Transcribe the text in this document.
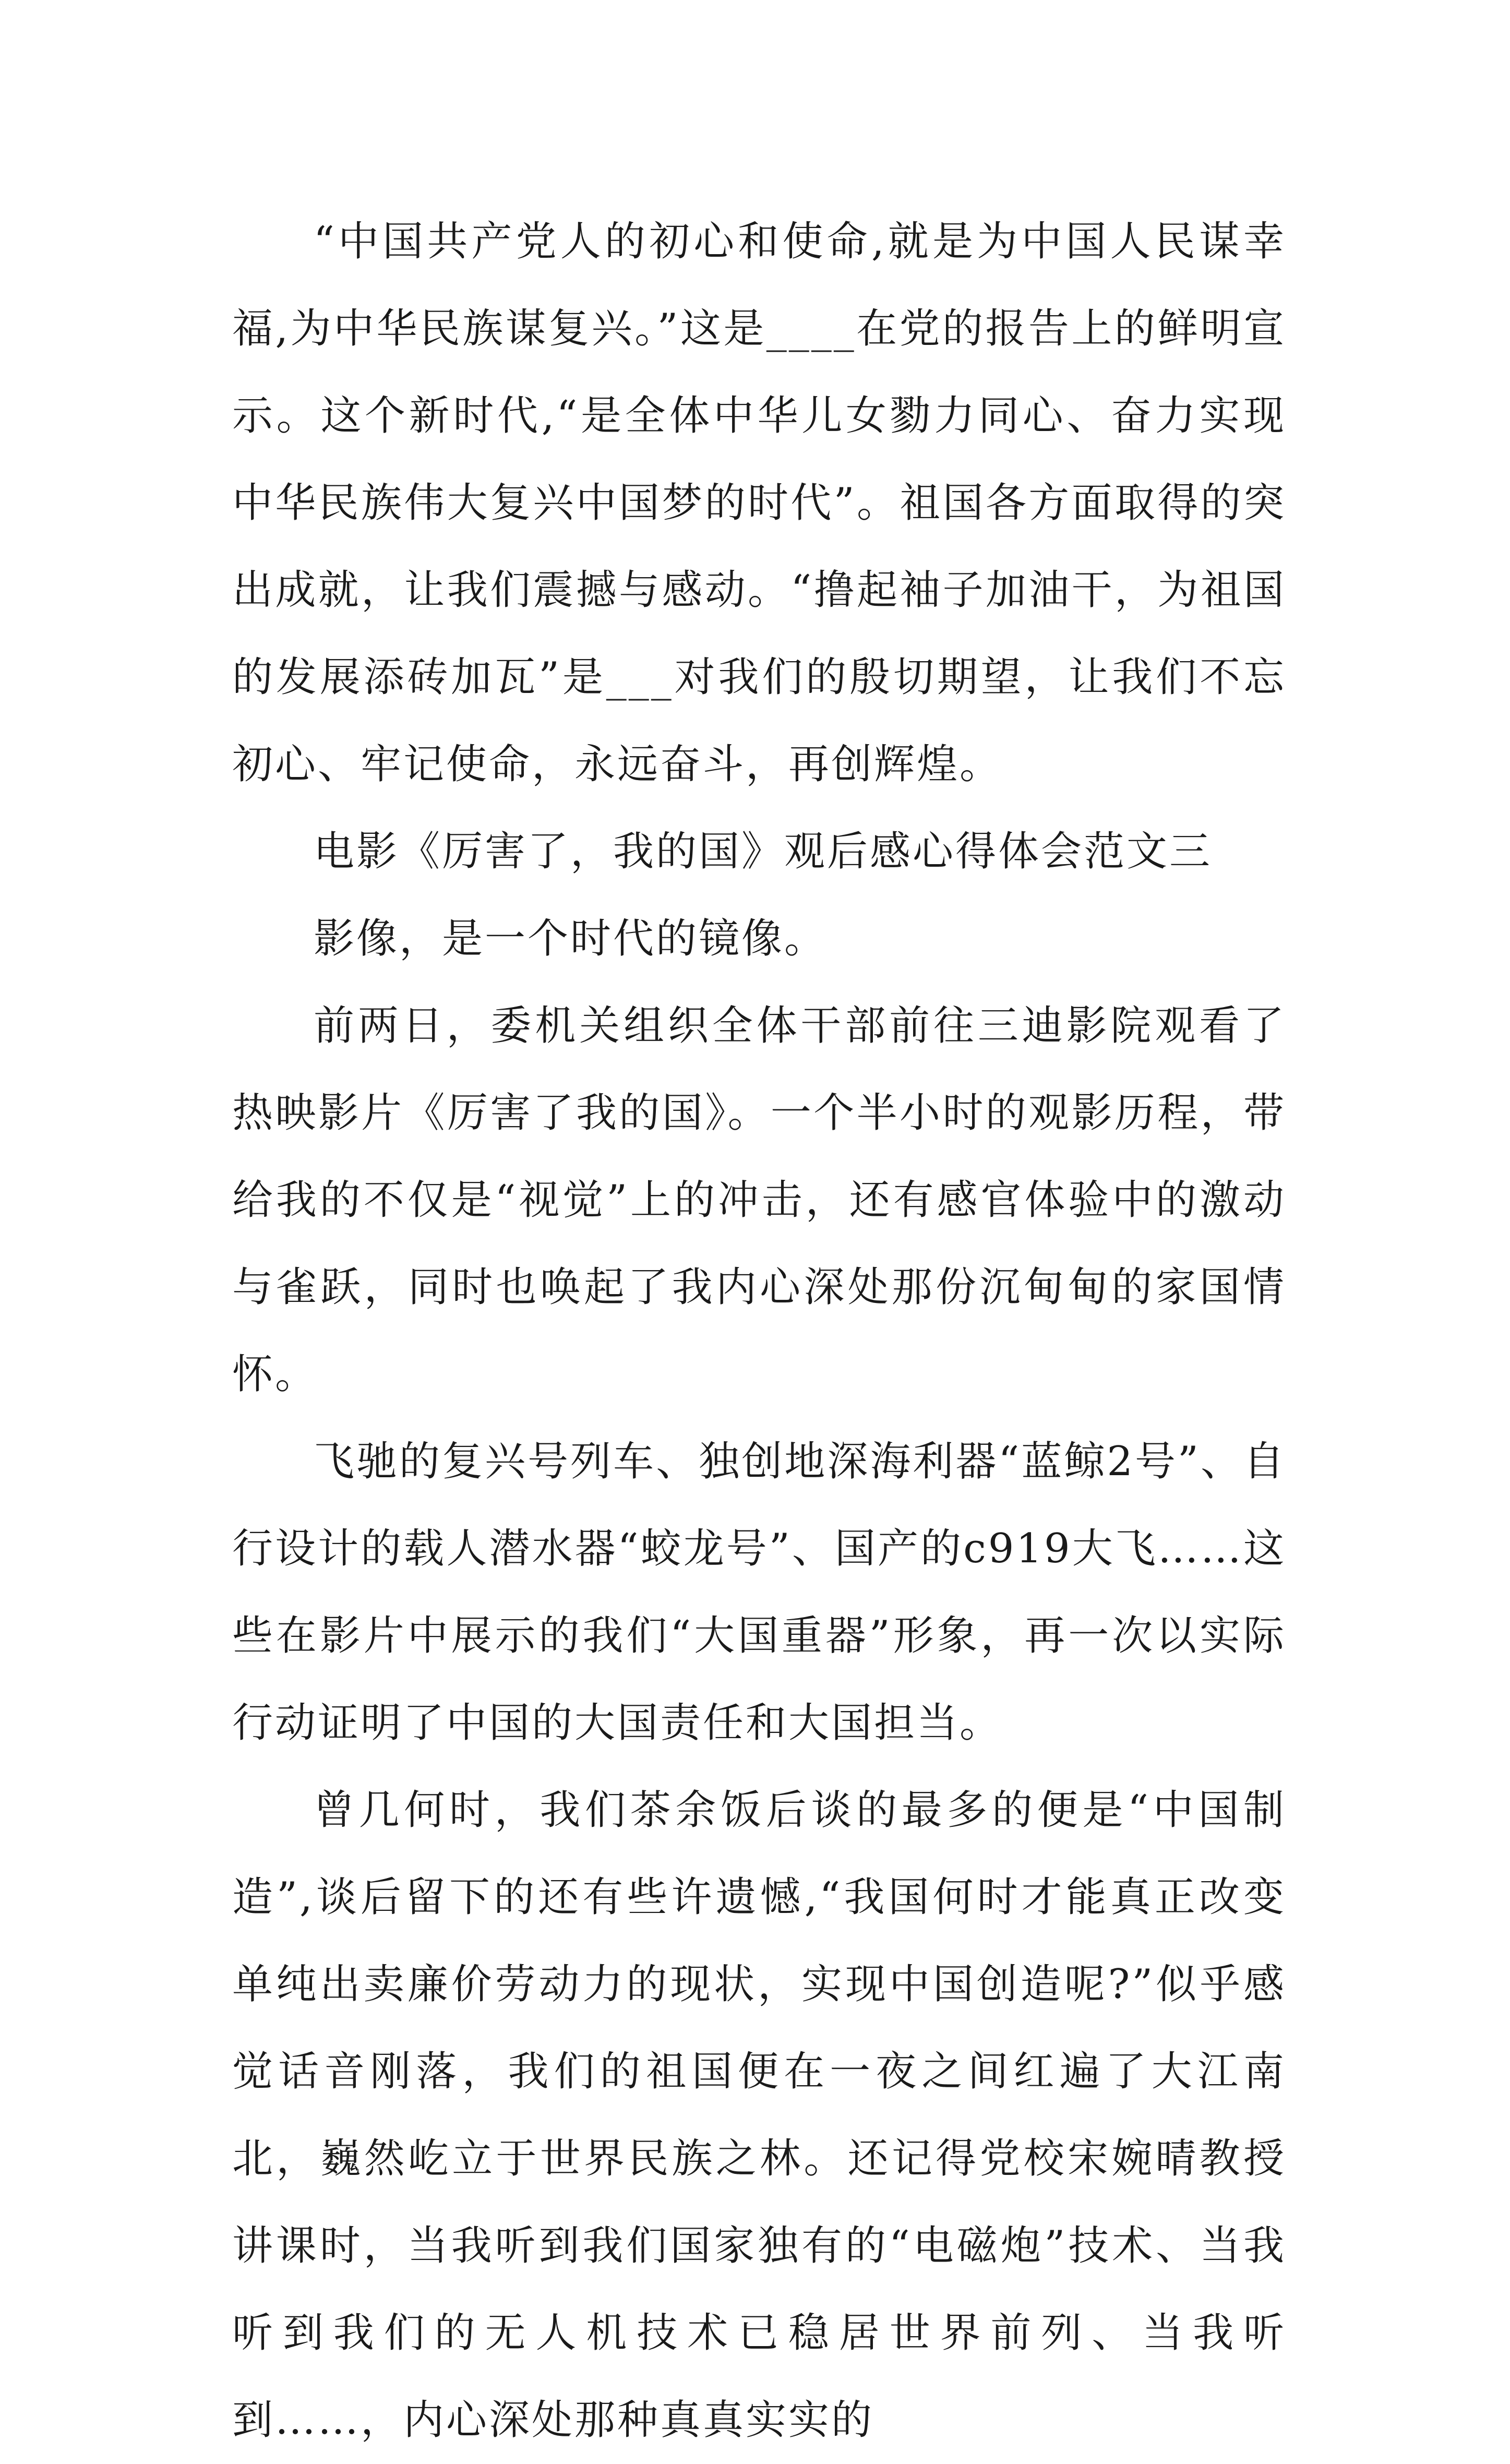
“中国共产党人的初心和使命,就是为中国人民谋幸福,为中华民族谋复兴。”这是____在党的报告上的鲜明宣示。这个新时代,“是全体中华儿女勠力同心、奋力实现中华民族伟大复兴中国梦的时代”。祖国各方面取得的突出成就，让我们震撼与感动。“撸起袖子加油干，为祖国的发展添砖加瓦”是___对我们的殷切期望，让我们不忘初心、牢记使命，永远奋斗，再创辉煌。

电影《厉害了，我的国》观后感心得体会范文三

影像，是一个时代的镜像。

前两日，委机关组织全体干部前往三迪影院观看了热映影片《厉害了我的国》。一个半小时的观影历程，带给我的不仅是“视觉”上的冲击，还有感官体验中的激动与雀跃，同时也唤起了我内心深处那份沉甸甸的家国情怀。

飞驰的复兴号列车、独创地深海利器“蓝鲸2号”、自行设计的载人潜水器“蛟龙号”、国产的c919大飞……这些在影片中展示的我们“大国重器”形象，再一次以实际行动证明了中国的大国责任和大国担当。

曾几何时，我们茶余饭后谈的最多的便是“中国制造”,谈后留下的还有些许遗憾,“我国何时才能真正改变单纯出卖廉价劳动力的现状，实现中国创造呢?”似乎感觉话音刚落，我们的祖国便在一夜之间红遍了大江南北，巍然屹立于世界民族之林。还记得党校宋婉晴教授讲课时，当我听到我们国家独有的“电磁炮”技术、当我听到我们的无人机技术已稳居世界前列、当我听到……，内心深处那种真真实实的
